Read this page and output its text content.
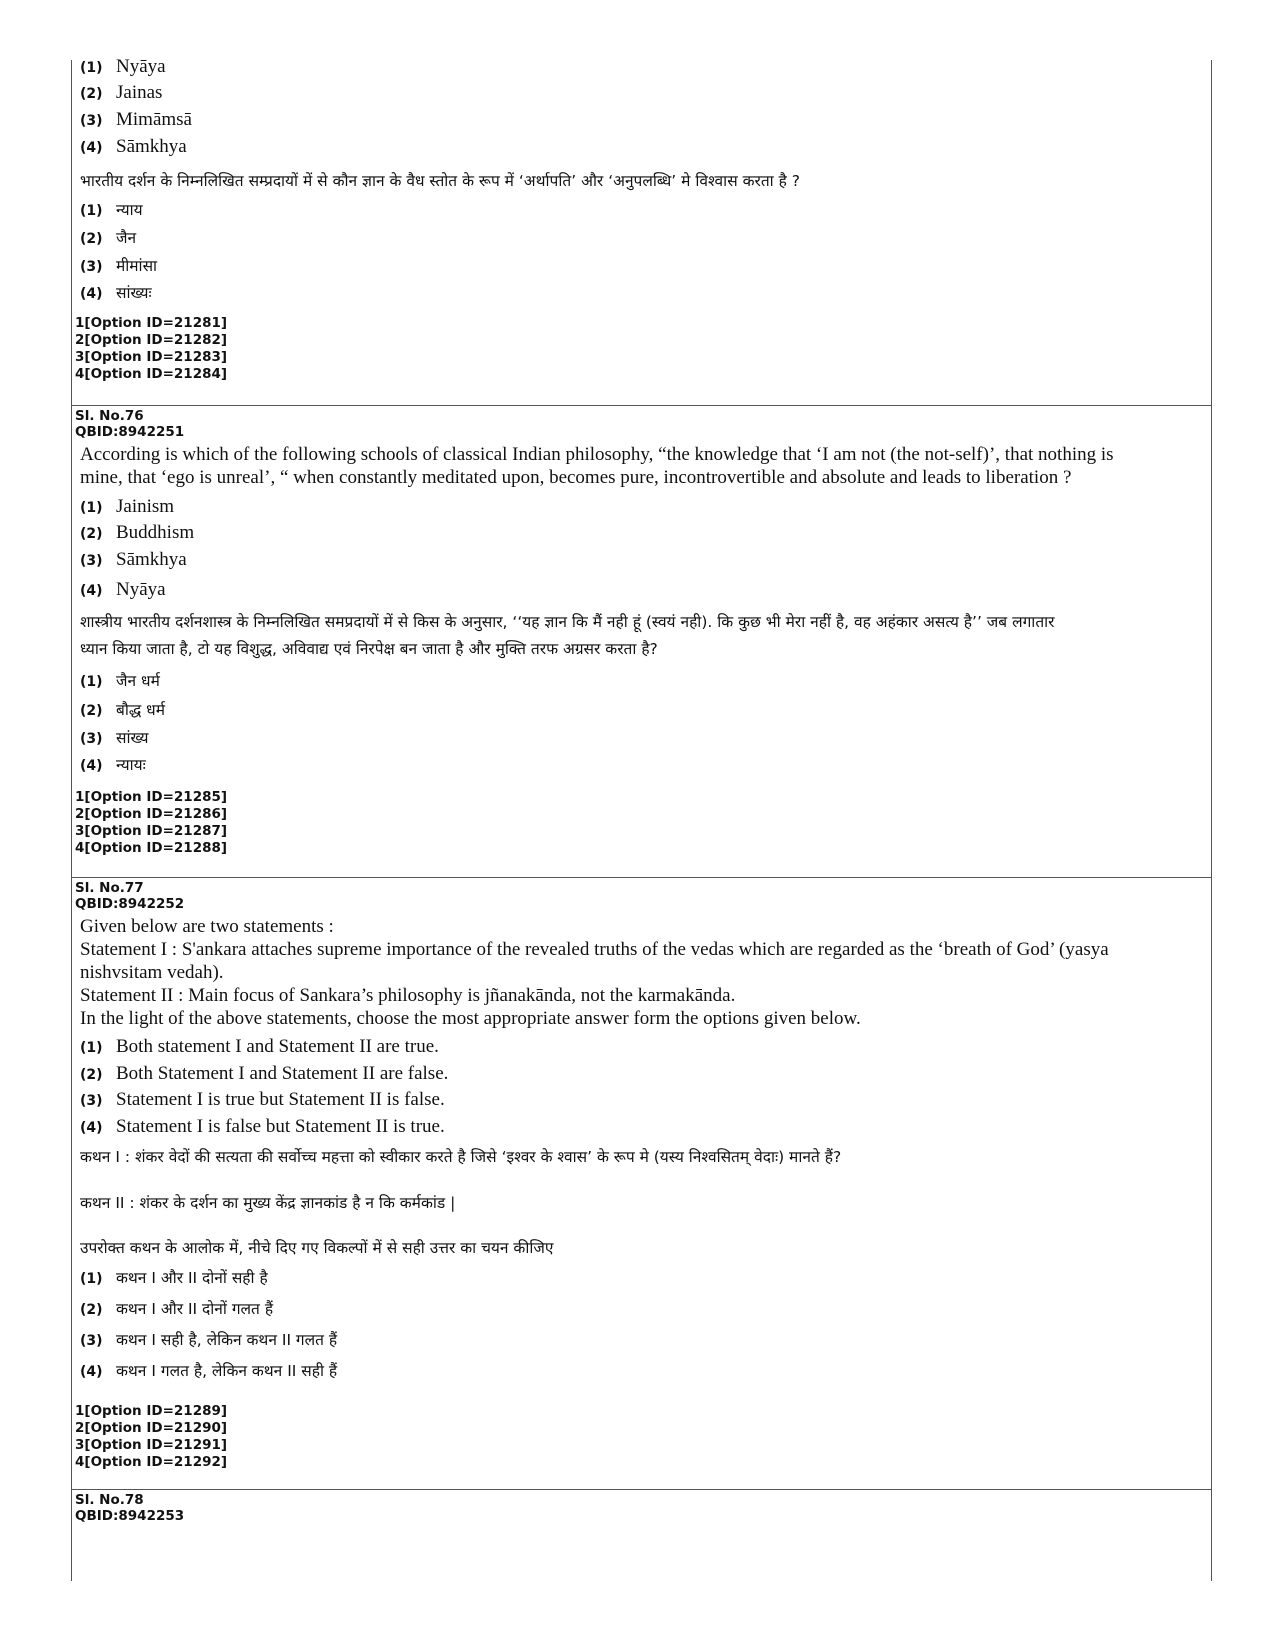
(1) Nyāya
(2) Jainas
(3) Mimāmsā
(4) Sāmkhya
भारतीय दर्शन के निम्नलिखित सम्प्रदायों में से कौन ज्ञान के वैध स्तोत के रूप में ‘अर्थापति’ और ‘अनुपलब्धि’ मे विश्वास करता है ?
(1) न्याय
(2) जैन
(3) मीमांसा
(4) सांख्यः
1[Option ID=21281]
2[Option ID=21282]
3[Option ID=21283]
4[Option ID=21284]
Sl. No.76
QBID:8942251
According is which of the following schools of classical Indian philosophy, “the knowledge that ‘I am not (the not-self)’, that nothing is
mine, that ‘ego is unreal’, “ when constantly meditated upon, becomes pure, incontrovertible and absolute and leads to liberation ?
(1) Jainism
(2) Buddhism
(3) Sāmkhya
(4) Nyāya
शास्त्रीय भारतीय दर्शनशास्त्र के निम्नलिखित समप्रदायों में से किस के अनुसार, ‘‘यह ज्ञान कि मैं नही हूं (स्वयं नही). कि कुछ भी मेरा नहीं है, वह अहंकार असत्य है’’ जब लगातार
ध्यान किया जाता है, टो यह विशुद्ध, अविवाद्य एवं निरपेक्ष बन जाता है और मुक्ति तरफ अग्रसर करता है?
(1) जैन धर्म
(2) बौद्ध धर्म
(3) सांख्य
(4) न्यायः
1[Option ID=21285]
2[Option ID=21286]
3[Option ID=21287]
4[Option ID=21288]
Sl. No.77
QBID:8942252
Given below are two statements :
Statement I : S'ankara attaches supreme importance of the revealed truths of the vedas which are regarded as the ‘breath of God’ (yasya
nishvsitam vedah).
Statement II : Main focus of Sankara’s philosophy is jñanakānda, not the karmakānda.
In the light of the above statements, choose the most appropriate answer form the options given below.
(1) Both statement I and Statement II are true.
(2) Both Statement I and Statement II are false.
(3) Statement I is true but Statement II is false.
(4) Statement I is false but Statement II is true.
कथन I : शंकर वेदों की सत्यता की सर्वोच्च महत्ता को स्वीकार करते है जिसे ‘इश्वर के श्वास’ के रूप मे (यस्य निश्वसितम् वेदाः) मानते हैं?
कथन II : शंकर के दर्शन का मुख्य केंद्र ज्ञानकांड है न कि कर्मकांड |
उपरोक्त कथन के आलोक में, नीचे दिए गए विकल्पों में से सही उत्तर का चयन कीजिए
(1) कथन I और II दोनों सही है
(2) कथन I और II दोनों गलत हैं
(3) कथन I सही है, लेकिन कथन II गलत हैं
(4) कथन I गलत है, लेकिन कथन II सही हैं
1[Option ID=21289]
2[Option ID=21290]
3[Option ID=21291]
4[Option ID=21292]
Sl. No.78
QBID:8942253
